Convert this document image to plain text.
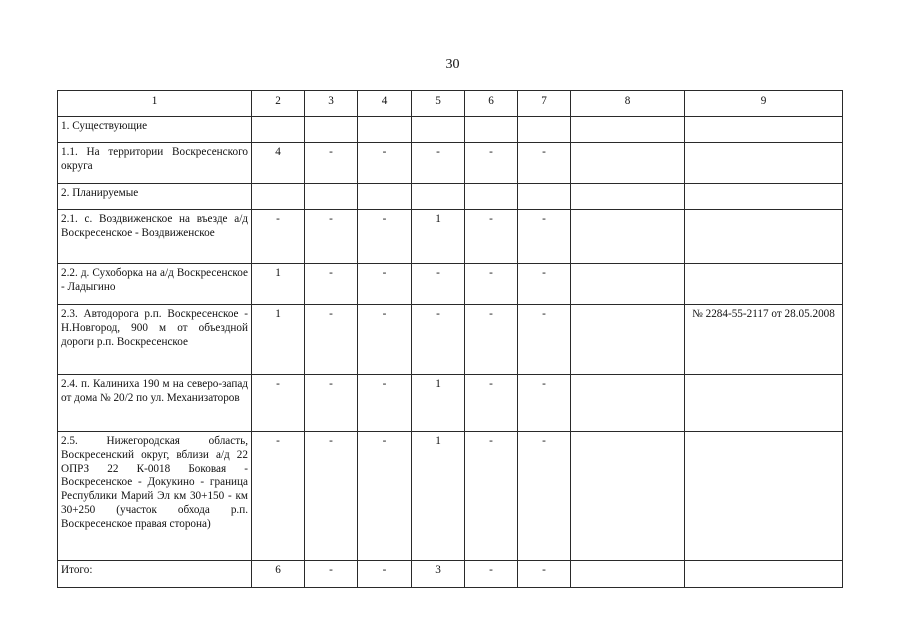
30
1	2	3	4	5	6	7	8	9

1. Существующие								

1.1. На территории Воскресенского округа	4	-	-	-	-	-		

2. Планируемые								

2.1. с. Воздвиженское на въезде а/д Воскресенское - Воздвиженское	-	-	-	1	-	-		

2.2. д. Сухоборка на а/д Воскресенское - Ладыгино	1	-	-	-	-	-		

2.3. Автодорога р.п. Воскресенское - Н.Новгород, 900 м от объездной дороги р.п. Воскресенское	1	-	-	-	-	-		№ 2284-55-2117 от 28.05.2008

2.4. п. Калиниха 190 м на северо-запад от дома № 20/2 по ул. Механизаторов	-	-	-	1	-	-		

2.5. Нижегородская область, Воскресенский округ, вблизи а/д 22 ОПРЗ 22 К-0018 Боковая - Воскресенское - Докукино - граница Республики Марий Эл км 30+150 - км 30+250 (участок обхода р.п. Воскресенское правая сторона)	-	-	-	1	-	-		

Итого:	6	-	-	3	-	-		
